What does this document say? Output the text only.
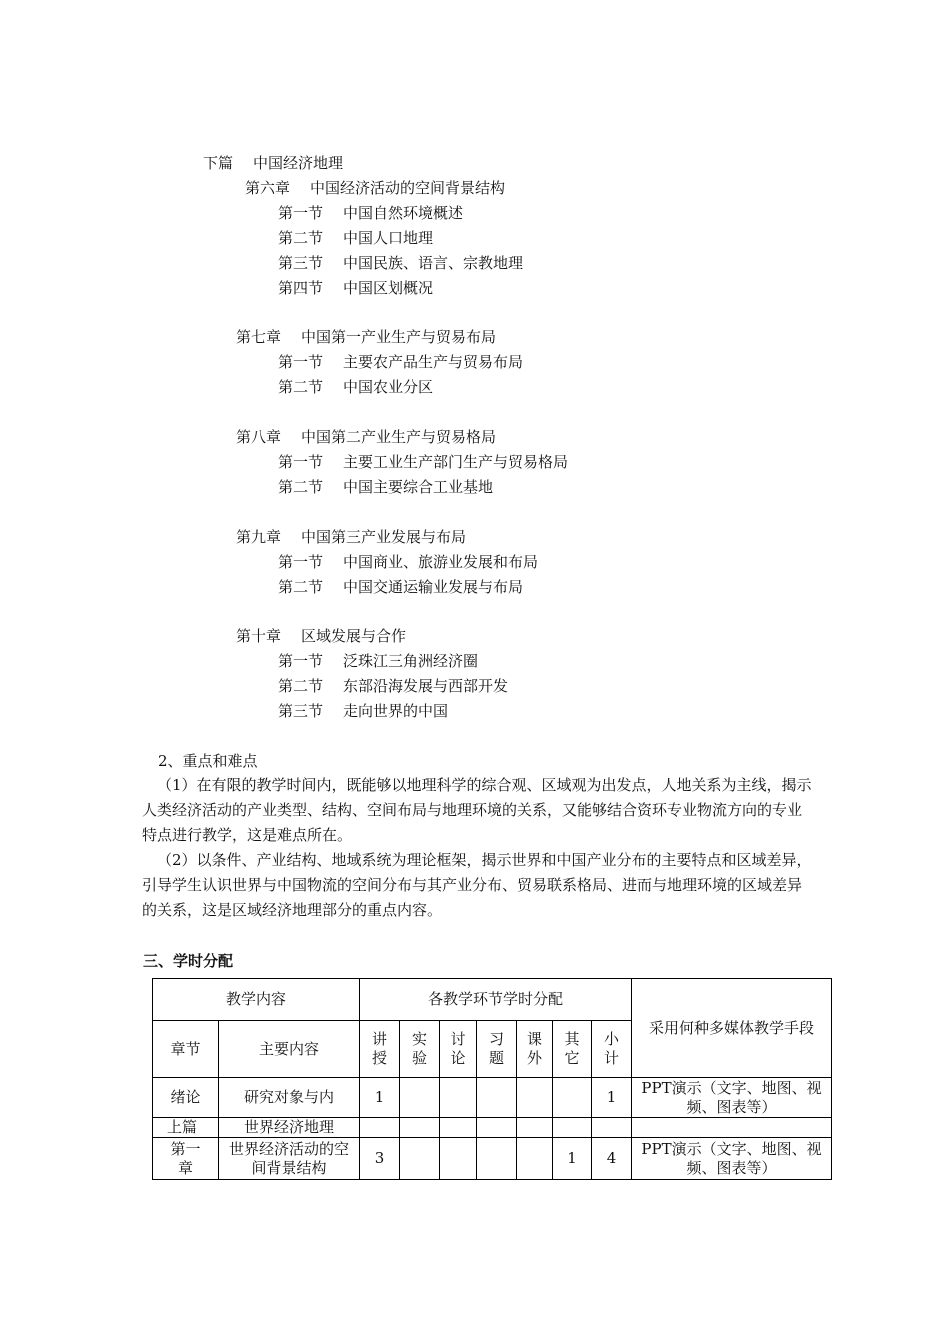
下篇 中国经济地理
第六章 中国经济活动的空间背景结构
第一节 中国自然环境概述
第二节 中国人口地理
第三节 中国民族、语言、宗教地理
第四节 中国区划概况
第七章 中国第一产业生产与贸易布局
第一节 主要农产品生产与贸易布局
第二节 中国农业分区
第八章 中国第二产业生产与贸易格局
第一节 主要工业生产部门生产与贸易格局
第二节 中国主要综合工业基地
第九章 中国第三产业发展与布局
第一节 中国商业、旅游业发展和布局
第二节 中国交通运输业发展与布局
第十章 区域发展与合作
第一节 泛珠江三角洲经济圈
第二节 东部沿海发展与西部开发
第三节 走向世界的中国
2、重点和难点

（1）在有限的教学时间内，既能够以地理科学的综合观、区域观为出发点，人地关系为主线，揭示人类经济活动的产业类型、结构、空间布局与地理环境的关系，又能够结合资环专业物流方向的专业特点进行教学，这是难点所在。

（2）以条件、产业结构、地域系统为理论框架，揭示世界和中国产业分布的主要特点和区域差异，引导学生认识世界与中国物流的空间分布与其产业分布、贸易联系格局、进而与地理环境的区域差异的关系，这是区域经济地理部分的重点内容。

三、学时分配
教学内容		各教学环节学时分配							采用何种多媒体教学手段
章节	主要内容	讲授	实验	讨论	习题	课外	其它	小计	
绪论	研究对象与内	1						1	PPT演示（文字、地图、视频、图表等）
上篇	世界经济地理								
第一章	世界经济活动的空间背景结构	3					1	4	PPT演示（文字、地图、视频、图表等）
